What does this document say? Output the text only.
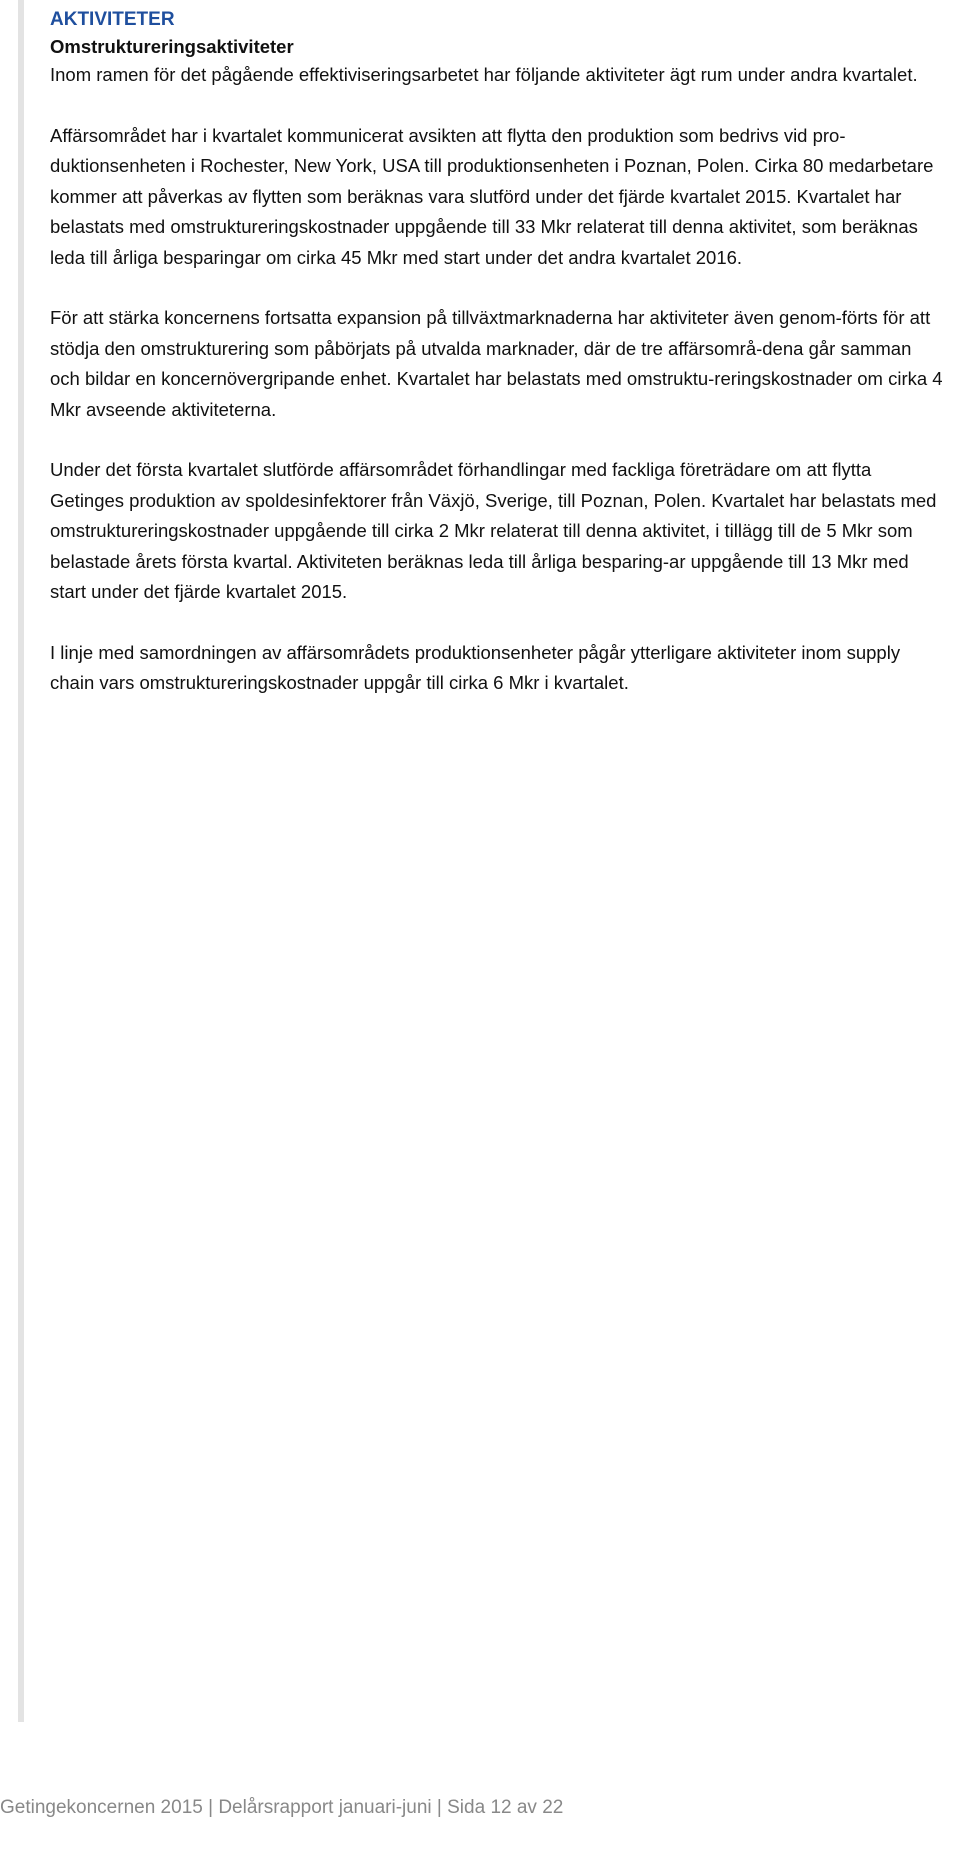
AKTIVITETER
Omstruktureringsaktiviteter

Inom ramen för det pågående effektiviseringsarbetet har följande aktiviteter ägt rum under andra kvartalet.

Affärsområdet har i kvartalet kommunicerat avsikten att flytta den produktion som bedrivs vid pro-duktionsenheten i Rochester, New York, USA till produktionsenheten i Poznan, Polen. Cirka 80 medarbetare kommer att påverkas av flytten som beräknas vara slutförd under det fjärde kvartalet 2015. Kvartalet har belastats med omstruktureringskostnader uppgående till 33 Mkr relaterat till denna aktivitet, som beräknas leda till årliga besparingar om cirka 45 Mkr med start under det andra kvartalet 2016.

För att stärka koncernens fortsatta expansion på tillväxtmarknaderna har aktiviteter även genom-förts för att stödja den omstrukturering som påbörjats på utvalda marknader, där de tre affärsområ-dena går samman och bildar en koncernövergripande enhet. Kvartalet har belastats med omstruktu-reringskostnader om cirka 4 Mkr avseende aktiviteterna.

Under det första kvartalet slutförde affärsområdet förhandlingar med fackliga företrädare om att flytta Getinges produktion av spoldesinfektorer från Växjö, Sverige, till Poznan, Polen. Kvartalet har belastats med omstruktureringskostnader uppgående till cirka 2 Mkr relaterat till denna aktivitet, i tillägg till de 5 Mkr som belastade årets första kvartal. Aktiviteten beräknas leda till årliga besparing-ar uppgående till 13 Mkr med start under det fjärde kvartalet 2015.

I linje med samordningen av affärsområdets produktionsenheter pågår ytterligare aktiviteter inom supply chain vars omstruktureringskostnader uppgår till cirka 6 Mkr i kvartalet.

Getingekoncernen 2015 | Delårsrapport januari-juni | Sida 12 av 22
